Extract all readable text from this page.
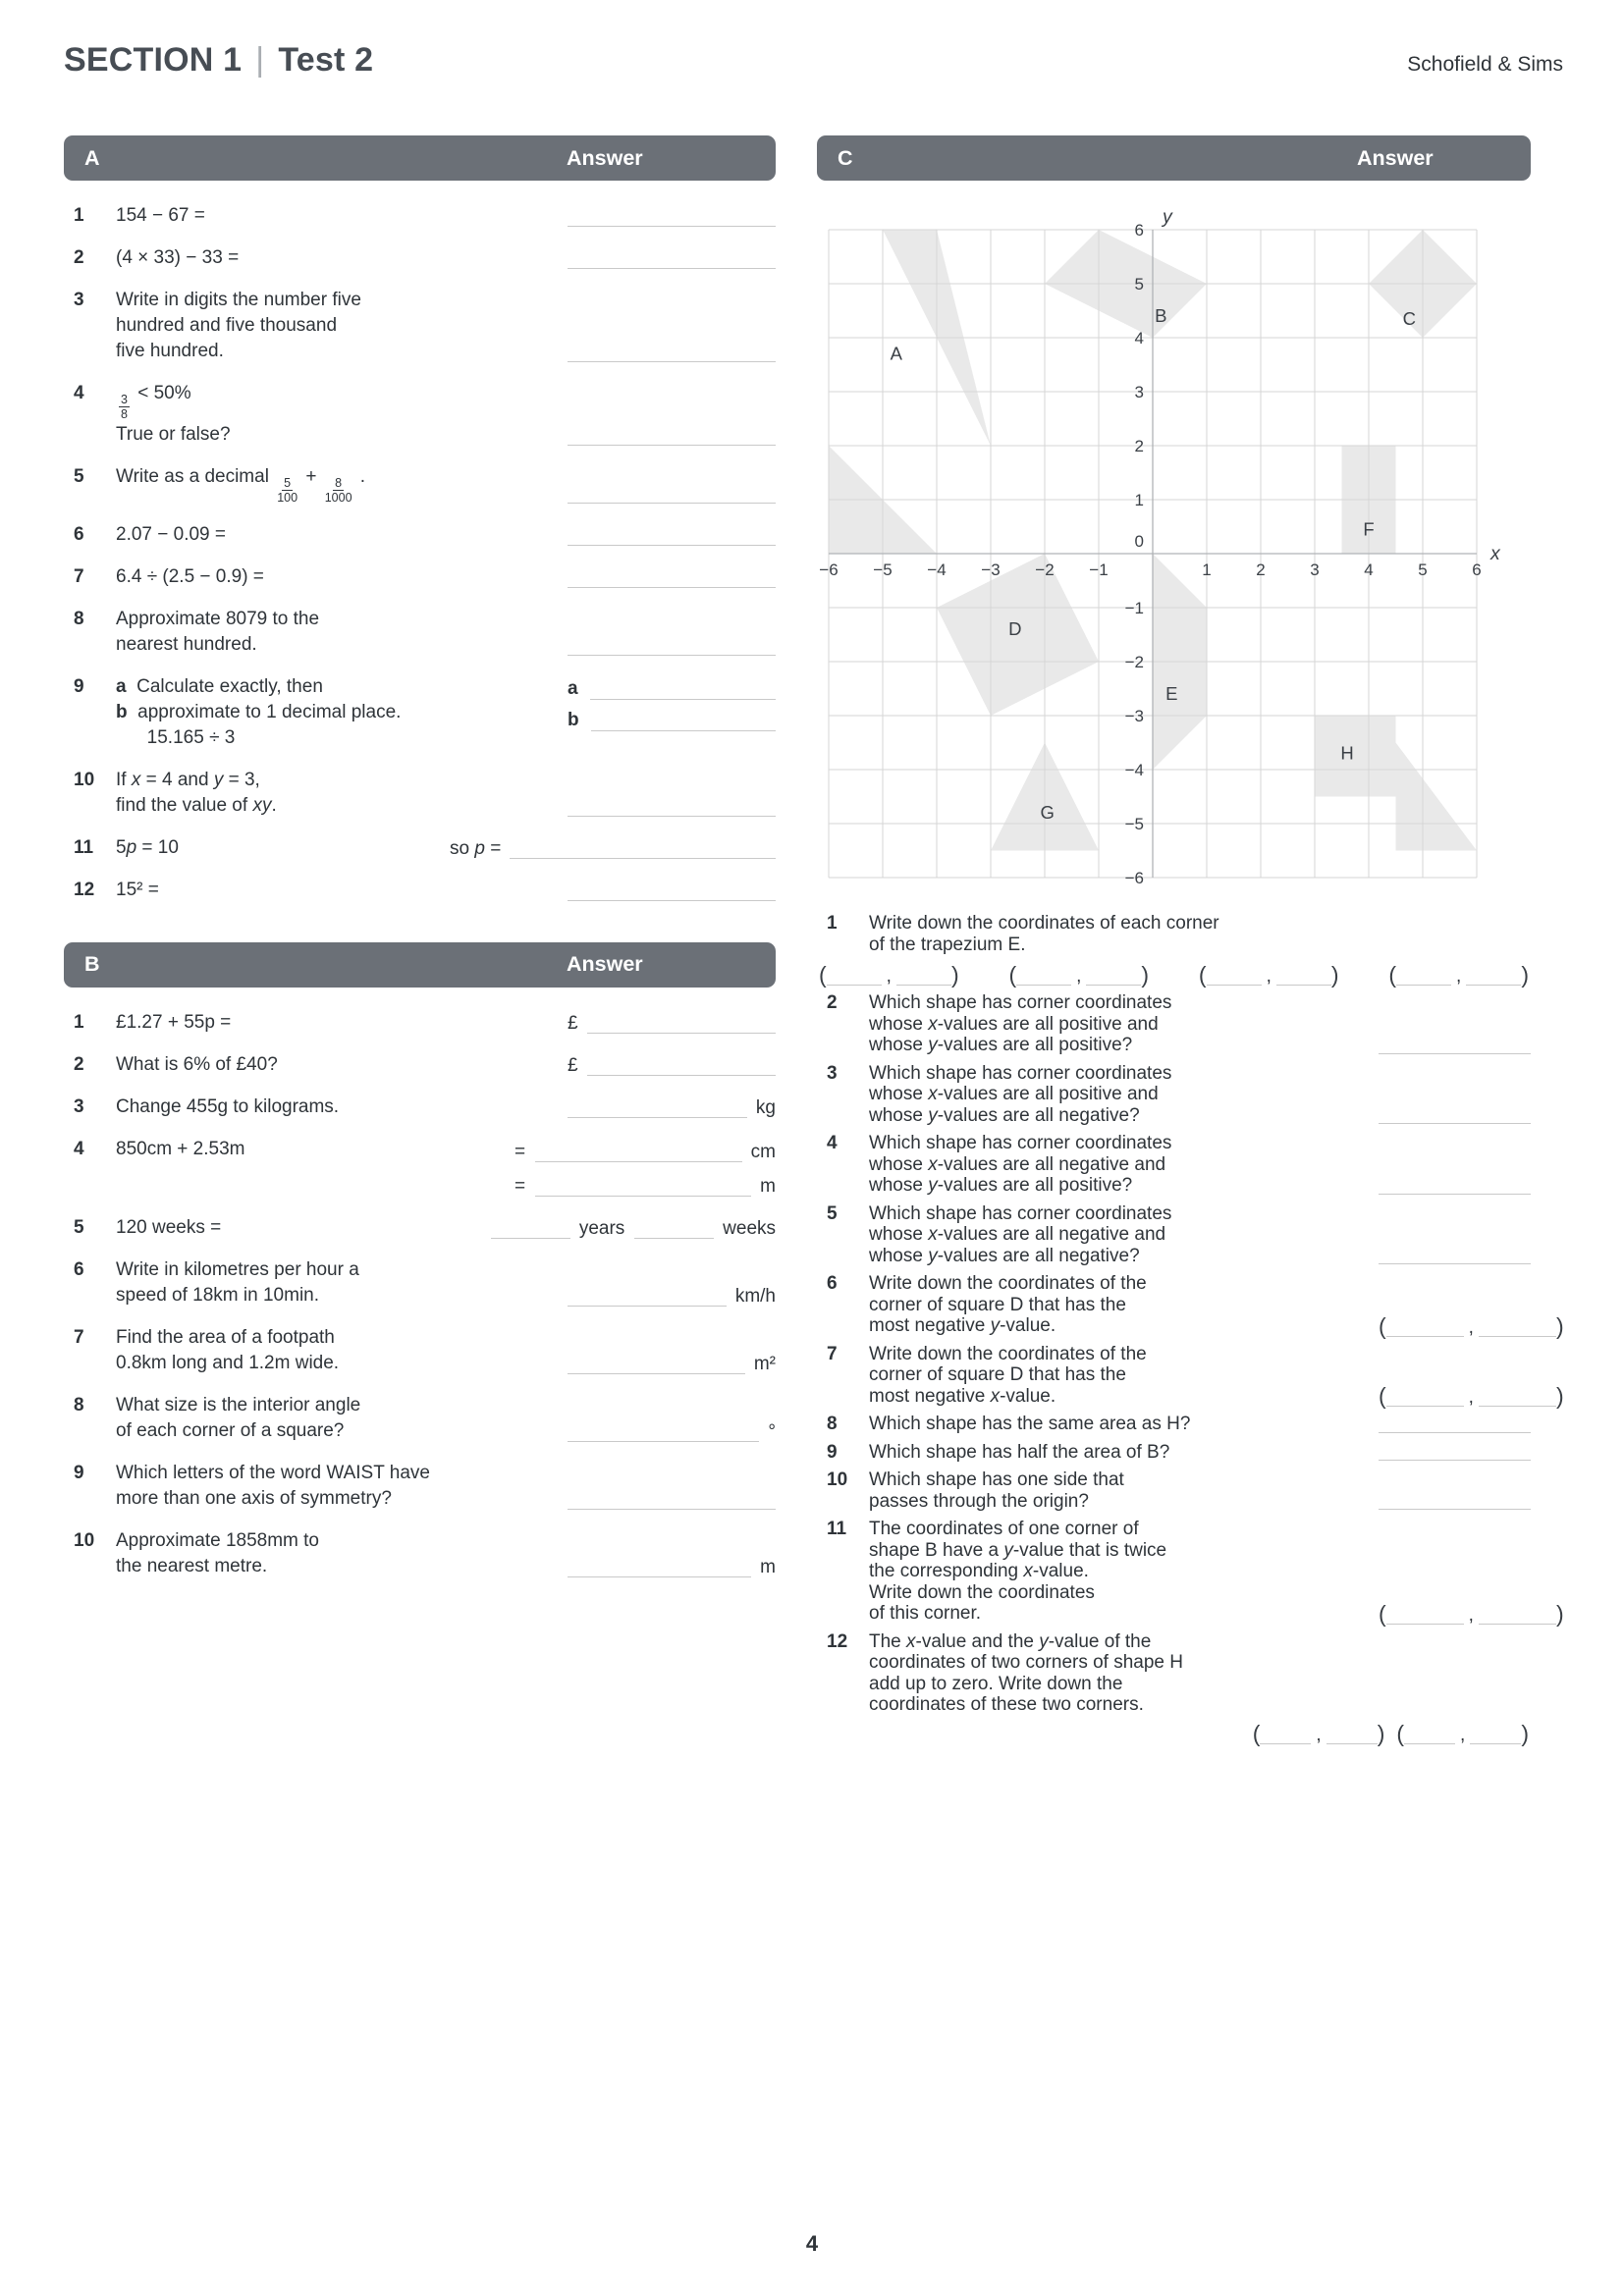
SECTION 1 | Test 2	Schofield & Sims
A	Answer
1	154 − 67 =
2	(4 × 33) − 33 =
3	Write in digits the number five
hundred and five thousand
five hundred.
4	$\frac{3}{8} < 50\%$
True or false?
5	Write as a decimal $\frac{5}{100} + \frac{8}{1000}$ .
6	2.07 − 0.09 =
7	6.4 ÷ (2.5 − 0.9) =
8	Approximate 8079 to the
nearest hundred.
9	a  Calculate exactly, then
b  approximate to 1 decimal place.
15.165 ÷ 3
a
b
10	If x = 4 and y = 3,
find the value of xy.
11	5p = 10	so p =
12	15² =
B	Answer
1	£1.27 + 55p =	£
2	What is 6% of £40?	£
3	Change 455g to kilograms.	kg
4	850cm + 2.53m	=	cm
=	m
5	120 weeks =	years	weeks
6	Write in kilometres per hour a
speed of 18km in 10min.	km/h
7	Find the area of a footpath
0.8km long and 1.2m wide.	m²
8	What size is the interior angle
of each corner of a square?	°
9	Which letters of the word WAIST have
more than one axis of symmetry?
10	Approximate 1858mm to
the nearest metre.	m
C	Answer
−6 −5 −4 −3 −2 −1	1	2	3	4	5	6
6
5
4
3
2
1
−1
−2
−3
−4
−5
−6
0
x
y
A
B	C
D
E
F
G
H
1	Write down the coordinates of each corner
of the trapezium E.
(	,	) (	,	) (	,	) (	,	)
2	Which shape has corner coordinates
whose x-values are all positive and
whose y-values are all positive?
3	Which shape has corner coordinates
whose x-values are all positive and
whose y-values are all negative?
4	Which shape has corner coordinates
whose x-values are all negative and
whose y-values are all positive?
5	Which shape has corner coordinates
whose x-values are all negative and
whose y-values are all negative?
6	Write down the coordinates of the
corner of square D that has the
most negative y-value.	(	,	)
7	Write down the coordinates of the
corner of square D that has the
most negative x-value.	(	,	)
8	Which shape has the same area as H?
9	Which shape has half the area of B?
10	Which shape has one side that
passes through the origin?
11	The coordinates of one corner of
shape B have a y-value that is twice
the corresponding x-value.
Write down the coordinates
of this corner.	(	,	)
12	The x-value and the y-value of the
coordinates of two corners of shape H
add up to zero. Write down the
coordinates of these two corners.
(	, ) (	, )
4
